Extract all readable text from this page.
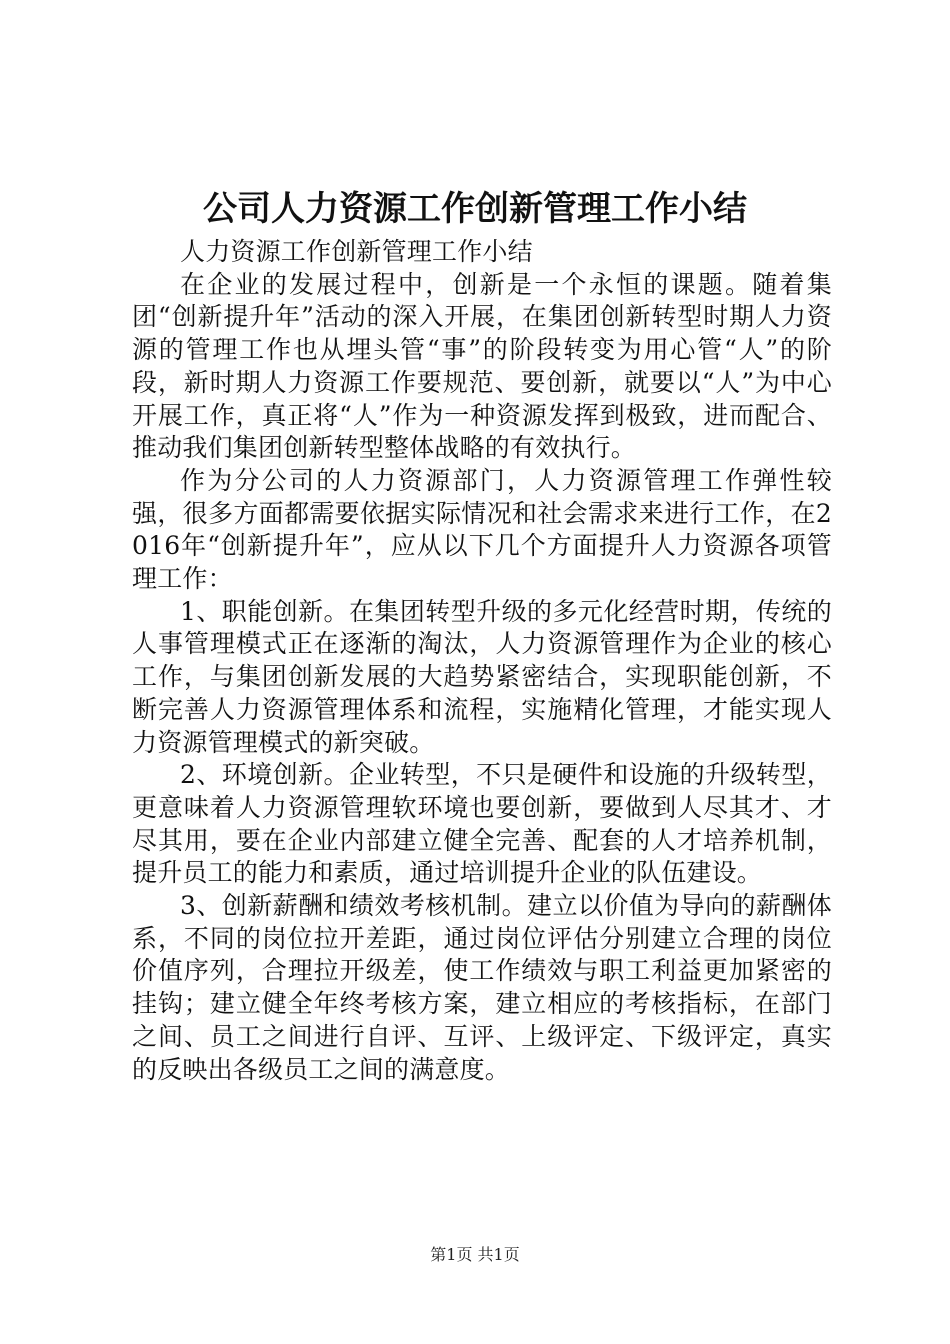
公司人力资源工作创新管理工作小结

人力资源工作创新管理工作小结

在企业的发展过程中，创新是一个永恒的课题。随着集团“创新提升年”活动的深入开展，在集团创新转型时期人力资源的管理工作也从埋头管“事”的阶段转变为用心管“人”的阶段，新时期人力资源工作要规范、要创新，就要以“人”为中心开展工作，真正将“人”作为一种资源发挥到极致，进而配合、推动我们集团创新转型整体战略的有效执行。

作为分公司的人力资源部门，人力资源管理工作弹性较强，很多方面都需要依据实际情况和社会需求来进行工作，在2016年“创新提升年”，应从以下几个方面提升人力资源各项管理工作：

1、职能创新。在集团转型升级的多元化经营时期，传统的人事管理模式正在逐渐的淘汰，人力资源管理作为企业的核心工作，与集团创新发展的大趋势紧密结合，实现职能创新，不断完善人力资源管理体系和流程，实施精化管理，才能实现人力资源管理模式的新突破。

2、环境创新。企业转型，不只是硬件和设施的升级转型，更意味着人力资源管理软环境也要创新，要做到人尽其才、才尽其用，要在企业内部建立健全完善、配套的人才培养机制，提升员工的能力和素质，通过培训提升企业的队伍建设。

3、创新薪酬和绩效考核机制。建立以价值为导向的薪酬体系，不同的岗位拉开差距，通过岗位评估分别建立合理的岗位价值序列，合理拉开级差，使工作绩效与职工利益更加紧密的挂钩；建立健全年终考核方案，建立相应的考核指标，在部门之间、员工之间进行自评、互评、上级评定、下级评定，真实的反映出各级员工之间的满意度。

第1页 共1页
